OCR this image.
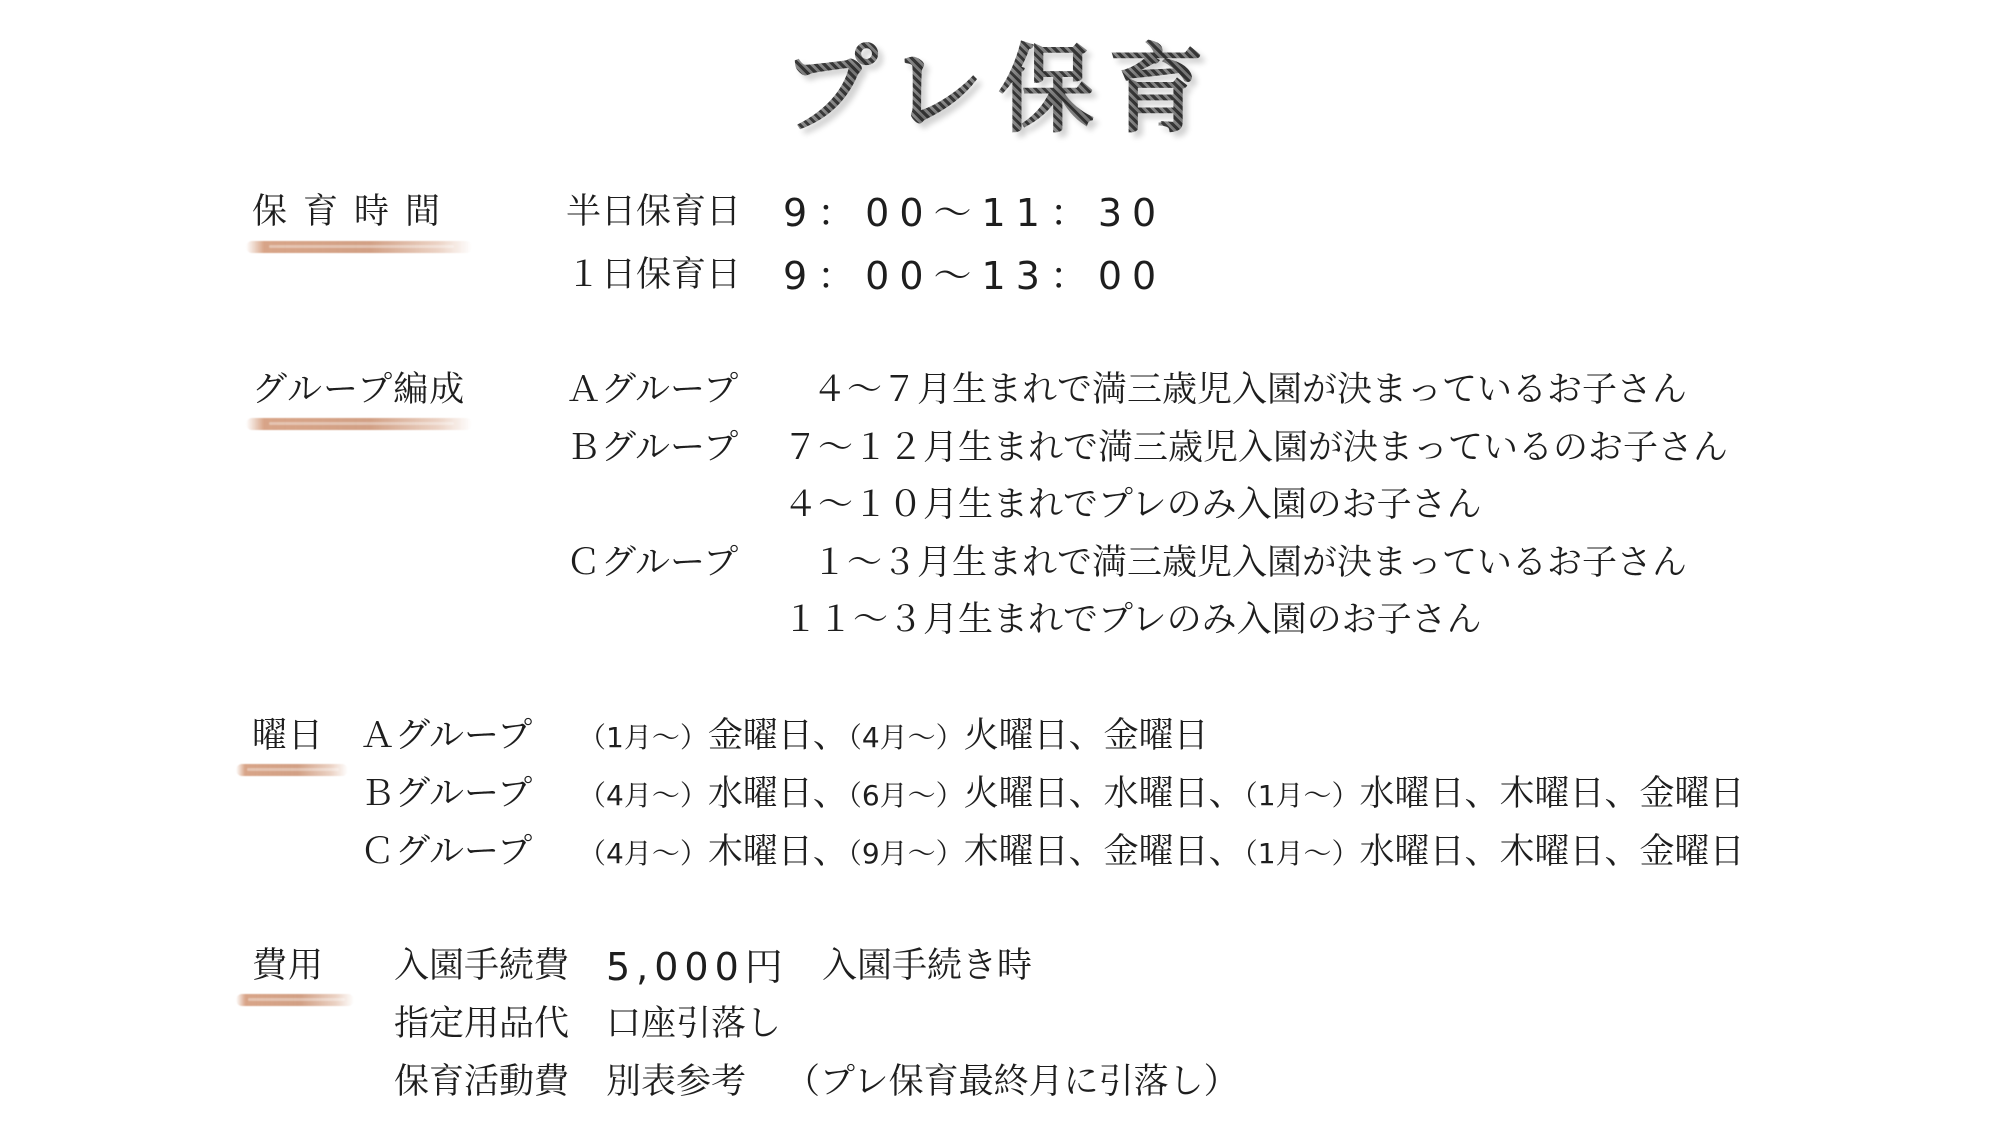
プレ保育
保育時間	半日保育日 9：00～11：30
１日保育日 9：00～13：00
グループ編成	Ａグループ ４～７月生まれで満三歳児入園が決まっているお子さん
Ｂグループ ７～１２月生まれで満三歳児入園が決まっているのお子さん
４～１０月生まれでプレのみ入園のお子さん
Ｃグループ １～３月生まれで満三歳児入園が決まっているお子さん
１１～３月生まれでプレのみ入園のお子さん
曜日 Ａグループ （1月～）金曜日、（4月～）火曜日、金曜日
Ｂグループ （4月～）水曜日、（6月～）火曜日、水曜日、（1月～）水曜日、木曜日、金曜日
Ｃグループ （4月～）木曜日、（9月～）木曜日、金曜日、（1月～）水曜日、木曜日、金曜日
費用 入園手続費 5,000円 入園手続き時
指定用品代 口座引落し
保育活動費 別表参考 （プレ保育最終月に引落し）
